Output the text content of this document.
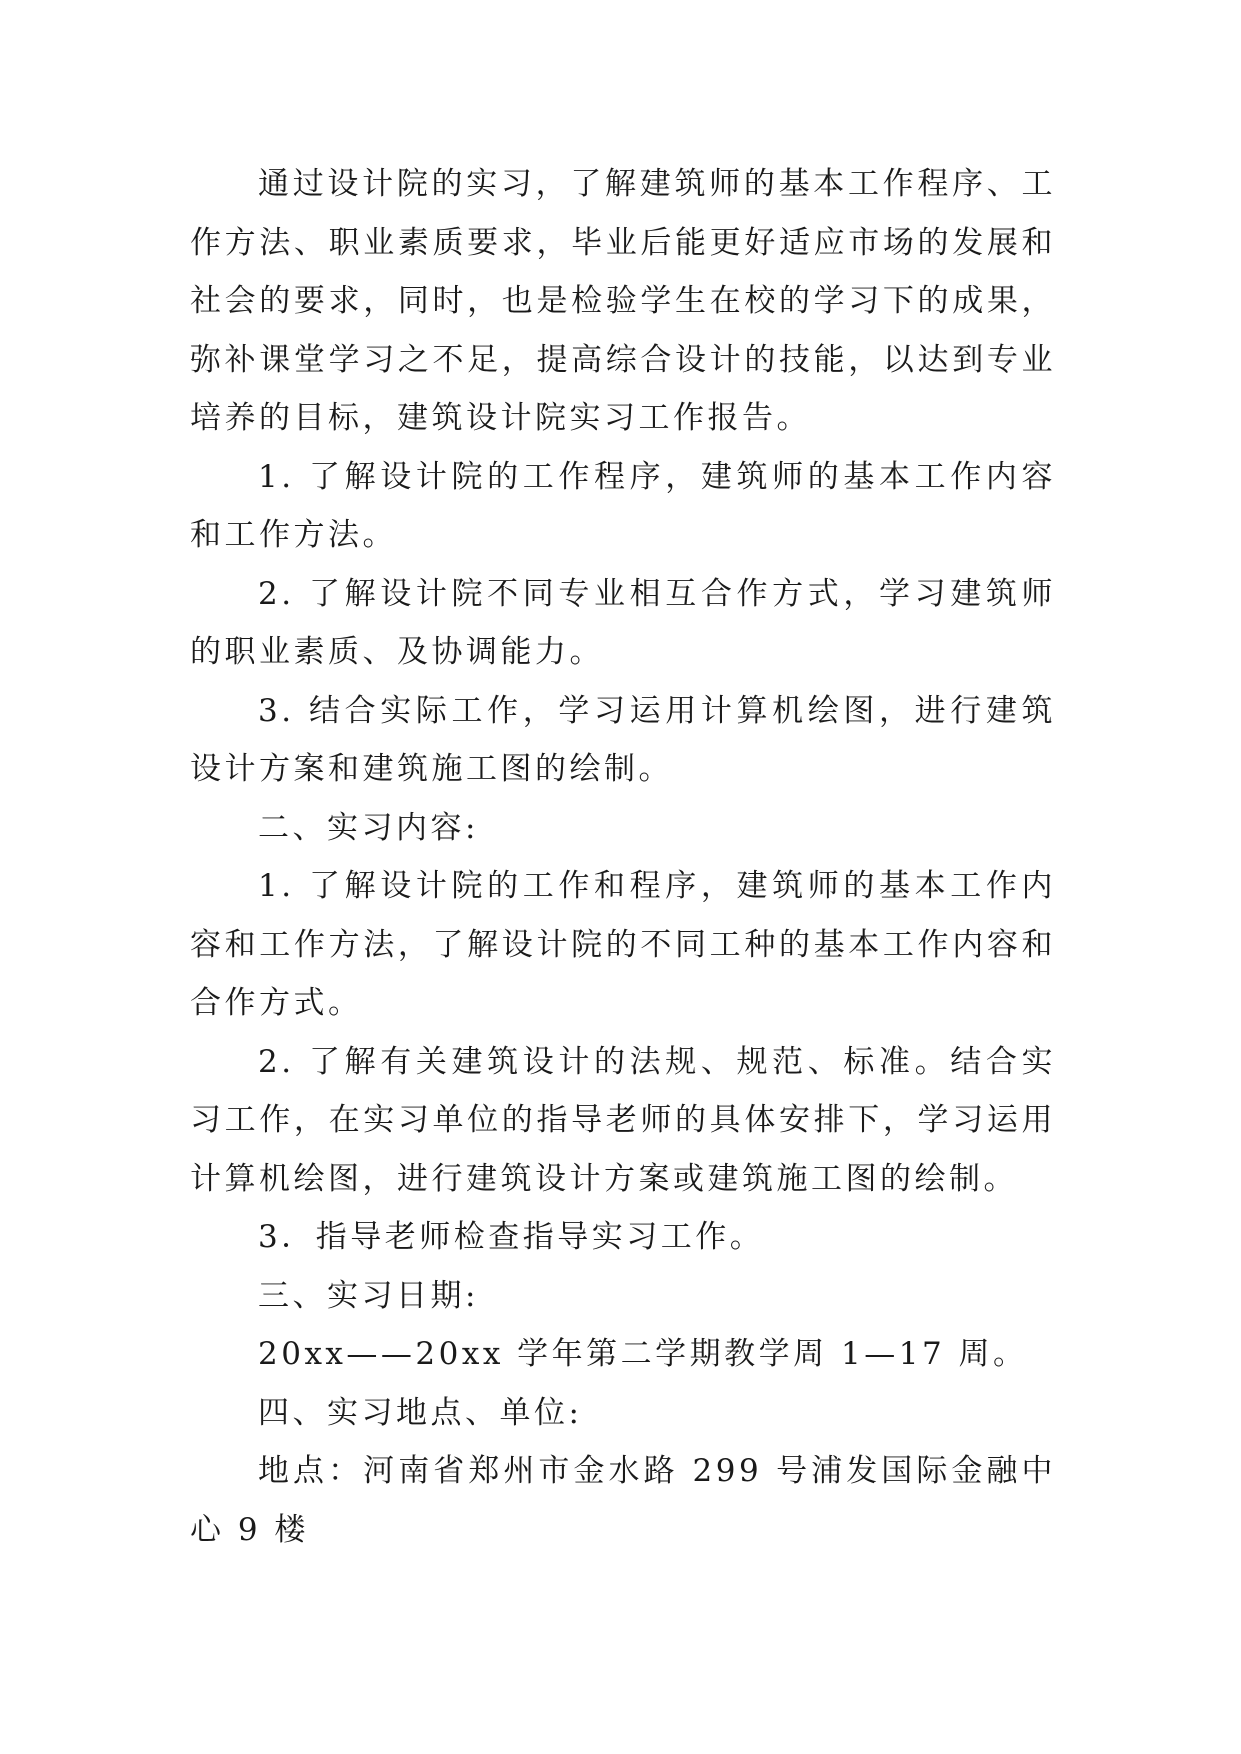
通过设计院的实习，了解建筑师的基本工作程序、工作方法、职业素质要求，毕业后能更好适应市场的发展和社会的要求，同时，也是检验学生在校的学习下的成果，弥补课堂学习之不足，提高综合设计的技能，以达到专业培养的目标，建筑设计院实习工作报告。

1. 了解设计院的工作程序，建筑师的基本工作内容和工作方法。

2. 了解设计院不同专业相互合作方式，学习建筑师的职业素质、及协调能力。

3. 结合实际工作，学习运用计算机绘图，进行建筑设计方案和建筑施工图的绘制。

二、实习内容:

1. 了解设计院的工作和程序，建筑师的基本工作内容和工作方法，了解设计院的不同工种的基本工作内容和合作方式。

2. 了解有关建筑设计的法规、规范、标准。结合实习工作，在实习单位的指导老师的具体安排下，学习运用计算机绘图，进行建筑设计方案或建筑施工图的绘制。

3．指导老师检查指导实习工作。

三、实习日期:

20xx——20xx 学年第二学期教学周 1—17 周。

四、实习地点、单位:

地点：河南省郑州市金水路 299 号浦发国际金融中心 9 楼
